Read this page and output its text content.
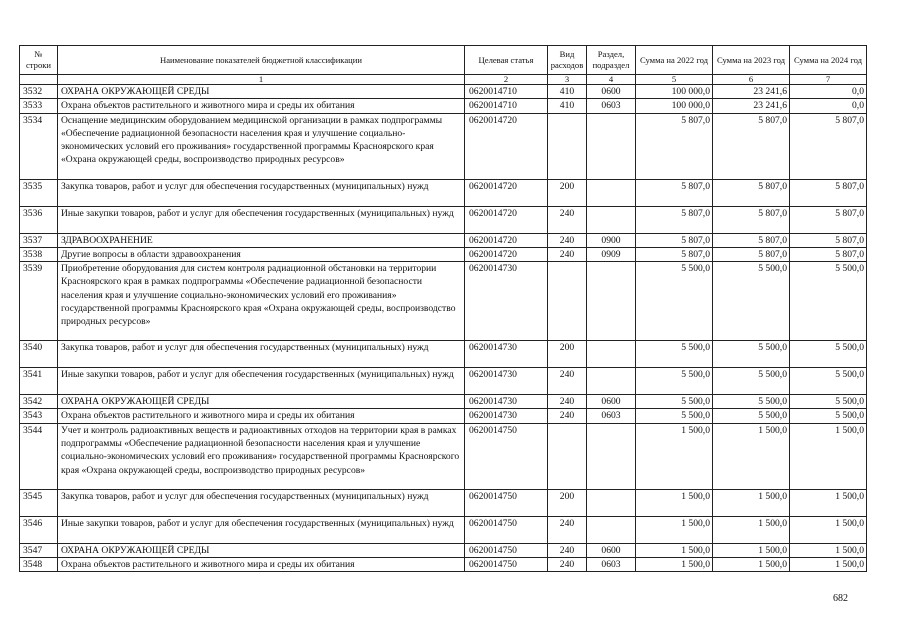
№ строки	Наименование показателей бюджетной классификации	Целевая статья	Вид расходов	Раздел, подраздел	Сумма на 2022 год	Сумма на 2023 год	Сумма на 2024 год
	1	2	3	4	5	6	7
3532	ОХРАНА ОКРУЖАЮЩЕЙ СРЕДЫ	0620014710	410	0600	100 000,0	23 241,6	0,0
3533	Охрана объектов растительного и животного мира и среды их обитания	0620014710	410	0603	100 000,0	23 241,6	0,0
3534	Оснащение медицинским оборудованием медицинской организации в рамках подпрограммы «Обеспечение радиационной безопасности населения края и улучшение социально-экономических условий его проживания» государственной программы Красноярского края «Охрана окружающей среды, воспроизводство природных ресурсов»	0620014720			5 807,0	5 807,0	5 807,0
3535	Закупка товаров, работ и услуг для обеспечения государственных (муниципальных) нужд	0620014720	200		5 807,0	5 807,0	5 807,0
3536	Иные закупки товаров, работ и услуг для обеспечения государственных (муниципальных) нужд	0620014720	240		5 807,0	5 807,0	5 807,0
3537	ЗДРАВООХРАНЕНИЕ	0620014720	240	0900	5 807,0	5 807,0	5 807,0
3538	Другие вопросы в области здравоохранения	0620014720	240	0909	5 807,0	5 807,0	5 807,0
3539	Приобретение оборудования для систем контроля радиационной обстановки на территории Красноярского края в рамках подпрограммы «Обеспечение радиационной безопасности населения края и улучшение социально-экономических условий его проживания» государственной программы Красноярского края «Охрана окружающей среды, воспроизводство природных ресурсов»	0620014730			5 500,0	5 500,0	5 500,0
3540	Закупка товаров, работ и услуг для обеспечения государственных (муниципальных) нужд	0620014730	200		5 500,0	5 500,0	5 500,0
3541	Иные закупки товаров, работ и услуг для обеспечения государственных (муниципальных) нужд	0620014730	240		5 500,0	5 500,0	5 500,0
3542	ОХРАНА ОКРУЖАЮЩЕЙ СРЕДЫ	0620014730	240	0600	5 500,0	5 500,0	5 500,0
3543	Охрана объектов растительного и животного мира и среды их обитания	0620014730	240	0603	5 500,0	5 500,0	5 500,0
3544	Учет и контроль радиоактивных веществ и радиоактивных отходов на территории края в рамках подпрограммы «Обеспечение радиационной безопасности населения края и улучшение социально-экономических условий его проживания» государственной программы Красноярского края «Охрана окружающей среды, воспроизводство природных ресурсов»	0620014750			1 500,0	1 500,0	1 500,0
3545	Закупка товаров, работ и услуг для обеспечения государственных (муниципальных) нужд	0620014750	200		1 500,0	1 500,0	1 500,0
3546	Иные закупки товаров, работ и услуг для обеспечения государственных (муниципальных) нужд	0620014750	240		1 500,0	1 500,0	1 500,0
3547	ОХРАНА ОКРУЖАЮЩЕЙ СРЕДЫ	0620014750	240	0600	1 500,0	1 500,0	1 500,0
3548	Охрана объектов растительного и животного мира и среды их обитания	0620014750	240	0603	1 500,0	1 500,0	1 500,0
682
